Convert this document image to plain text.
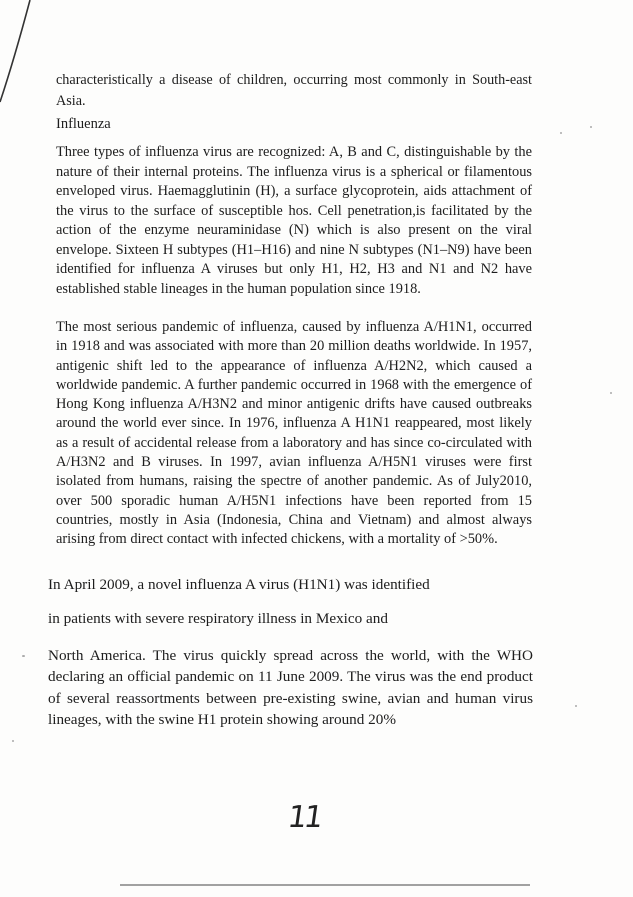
characteristically a disease of children, occurring most commonly in South-east Asia.

Influenza

Three types of influenza virus are recognized: A, B and C, distinguishable by the nature of their internal proteins. The influenza virus is a spherical or filamentous enveloped virus. Haemagglutinin (H), a surface glycoprotein, aids attachment of the virus to the surface of susceptible hos. Cell penetration,is facilitated by the action of the enzyme neuraminidase (N) which is also present on the viral envelope. Sixteen H subtypes (H1–H16) and nine N subtypes (N1–N9) have been identified for influenza A viruses but only H1, H2, H3 and N1 and N2 have established stable lineages in the human population since 1918.

The most serious pandemic of influenza, caused by influenza A/H1N1, occurred in 1918 and was associated with more than 20 million deaths worldwide. In 1957, antigenic shift led to the appearance of influenza A/H2N2, which caused a worldwide pandemic. A further pandemic occurred in 1968 with the emergence of Hong Kong influenza A/H3N2 and minor antigenic drifts have caused outbreaks around the world ever since. In 1976, influenza A H1N1 reappeared, most likely as a result of accidental release from a laboratory and has since co-circulated with A/H3N2 and B viruses. In 1997, avian influenza A/H5N1 viruses were first isolated from humans, raising the spectre of another pandemic. As of July2010, over 500 sporadic human A/H5N1 infections have been reported from 15 countries, mostly in Asia (Indonesia, China and Vietnam) and almost always arising from direct contact with infected chickens, with a mortality of >50%.

In April 2009, a novel influenza A virus (H1N1) was identified

in patients with severe respiratory illness in Mexico and

North America. The virus quickly spread across the world, with the WHO declaring an official pandemic on 11 June 2009. The virus was the end product of several reassortments between pre-existing swine, avian and human virus lineages, with the swine H1 protein showing around 20%

11
